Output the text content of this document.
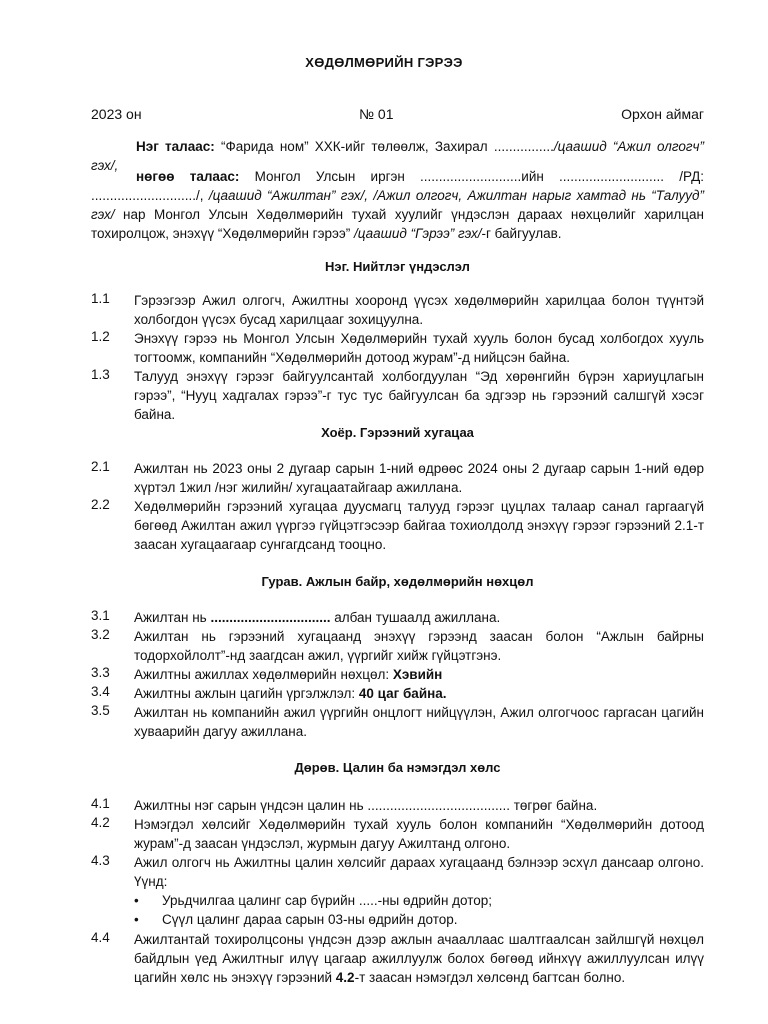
ХӨДӨЛМӨРИЙН ГЭРЭЭ
2023 он	№ 01	Орхон аймаг
Нэг талаас: “Фарида ном” ХХК-ийг төлөөлж, Захирал ................/цаашид “Ажил олгогч” гэх/,
нөгөө талаас: Монгол Улсын иргэн ...........................ийн ............................ /РД: ............................/, /цаашид “Ажилтан” гэх/, /Ажил олгогч, Ажилтан нарыг хамтад нь “Талууд” гэх/ нар Монгол Улсын Хөдөлмөрийн тухай хуулийг үндэслэн дараах нөхцөлийг харилцан тохиролцож, энэхүү “Хөдөлмөрийн гэрээ” /цаашид “Гэрээ” гэх/-г байгуулав.
Нэг. Нийтлэг үндэслэл
1.1	Гэрээгээр Ажил олгогч, Ажилтны хооронд үүсэх хөдөлмөрийн харилцаа болон түүнтэй холбогдон үүсэх бусад харилцааг зохицуулна.
1.2	Энэхүү гэрээ нь Монгол Улсын Хөдөлмөрийн тухай хууль болон бусад холбогдох хууль тогтоомж, компанийн “Хөдөлмөрийн дотоод журам”-д нийцсэн байна.
1.3	Талууд энэхүү гэрээг байгуулсантай холбогдуулан “Эд хөрөнгийн бүрэн хариуцлагын гэрээ”, “Нууц хадгалах гэрээ”-г тус тус байгуулсан ба эдгээр нь гэрээний салшгүй хэсэг байна.
Хоёр. Гэрээний хугацаа
2.1	Ажилтан нь 2023 оны 2 дугаар сарын 1-ний өдрөөс 2024 оны 2 дугаар сарын 1-ний өдөр хүртэл 1жил /нэг жилийн/ хугацаатайгаар ажиллана.
2.2	Хөдөлмөрийн гэрээний хугацаа дуусмагц талууд гэрээг цуцлах талаар санал гаргаагүй бөгөөд Ажилтан ажил үүргээ гүйцэтгэсээр байгаа тохиолдолд энэхүү гэрээг гэрээний 2.1-т заасан хугацаагаар сунгагдсанд тооцно.
Гурав. Ажлын байр, хөдөлмөрийн нөхцөл
3.1	Ажилтан нь ................................ албан тушаалд ажиллана.
3.2	Ажилтан нь гэрээний хугацаанд энэхүү гэрээнд заасан болон “Ажлын байрны тодорхойлолт”-нд заагдсан ажил, үүргийг хийж гүйцэтгэнэ.
3.3	Ажилтны ажиллах хөдөлмөрийн нөхцөл: Хэвийн
3.4	Ажилтны ажлын цагийн үргэлжлэл: 40 цаг байна.
3.5	Ажилтан нь компанийн ажил үүргийн онцлогт нийцүүлэн, Ажил олгогчоос гаргасан цагийн хуваарийн дагуу ажиллана.
Дөрөв. Цалин ба нэмэгдэл хөлс
4.1	Ажилтны нэг сарын үндсэн цалин нь ...................................... төгрөг байна.
4.2	Нэмэгдэл хөлсийг Хөдөлмөрийн тухай хууль болон компанийн “Хөдөлмөрийн дотоод журам”-д заасан үндэслэл, журмын дагуу Ажилтанд олгоно.
4.3	Ажил олгогч нь Ажилтны цалин хөлсийг дараах хугацаанд бэлнээр эсхүл дансаар олгоно. Үүнд:
• Урьдчилгаа цалинг сар бүрийн .....-ны өдрийн дотор;
• Сүүл цалинг дараа сарын 03-ны өдрийн дотор.
4.4	Ажилтантай тохиролцсоны үндсэн дээр ажлын ачааллаас шалтгаалсан зайлшгүй нөхцөл байдлын үед Ажилтныг илүү цагаар ажиллуулж болох бөгөөд ийнхүү ажиллуулсан илүү цагийн хөлс нь энэхүү гэрээний 4.2-т заасан нэмэгдэл хөлсөнд багтсан болно.
